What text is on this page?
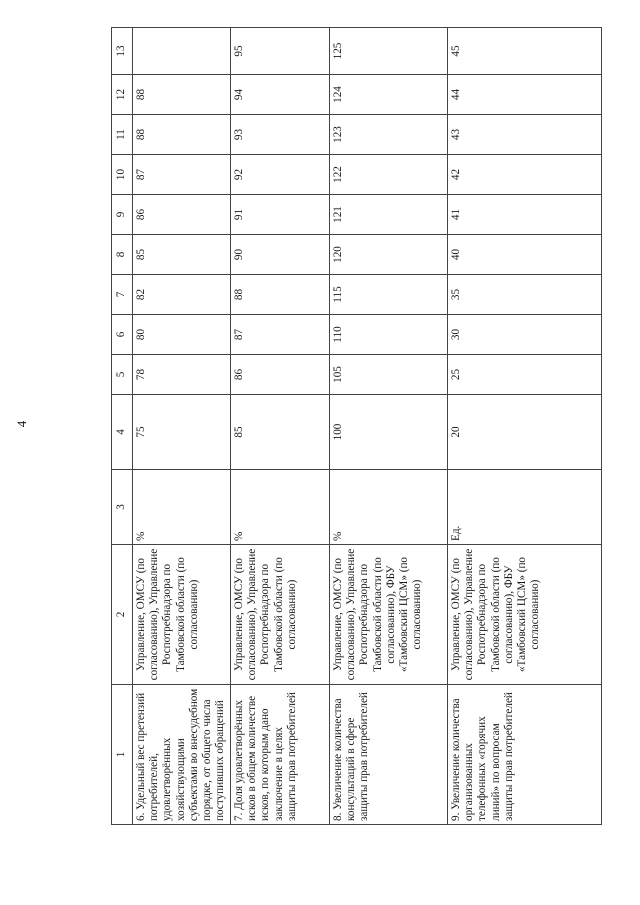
4
1	2	3	4	5	6	7	8	9	10	11	12	13
6. Удельный вес претензий потребителей, удовлетворённых хозяйствующими субъектами во внесудебном порядке, от общего числа поступивших обращений	Управление, ОМСУ (по согласованию), Управление Роспотребнадзора по Тамбовской области (по согласованию)	%	75	78	80	82	85	86	87	88	88	
7. Доля удовлетворённых исков в общем количестве исков, по которым дано заключение в целях защиты прав потребителей	Управление, ОМСУ (по согласованию), Управление Роспотребнадзора по Тамбовской области (по согласованию)	%	85	86	87	88	90	91	92	93	94	95
8. Увеличение количества консультаций в сфере защиты прав потребителей	Управление, ОМСУ (по согласованию), Управление Роспотребнадзора по Тамбовской области (по согласованию), ФБУ «Тамбовский ЦСМ» (по согласованию)	%	100	105	110	115	120	121	122	123	124	125
9. Увеличение количества организованных телефонных «горячих линий» по вопросам защиты прав потребителей	Управление, ОМСУ (по согласованию), Управление Роспотребнадзора по Тамбовской области (по согласованию), ФБУ «Тамбовский ЦСМ» (по согласованию)	Ед.	20	25	30	35	40	41	42	43	44	45
